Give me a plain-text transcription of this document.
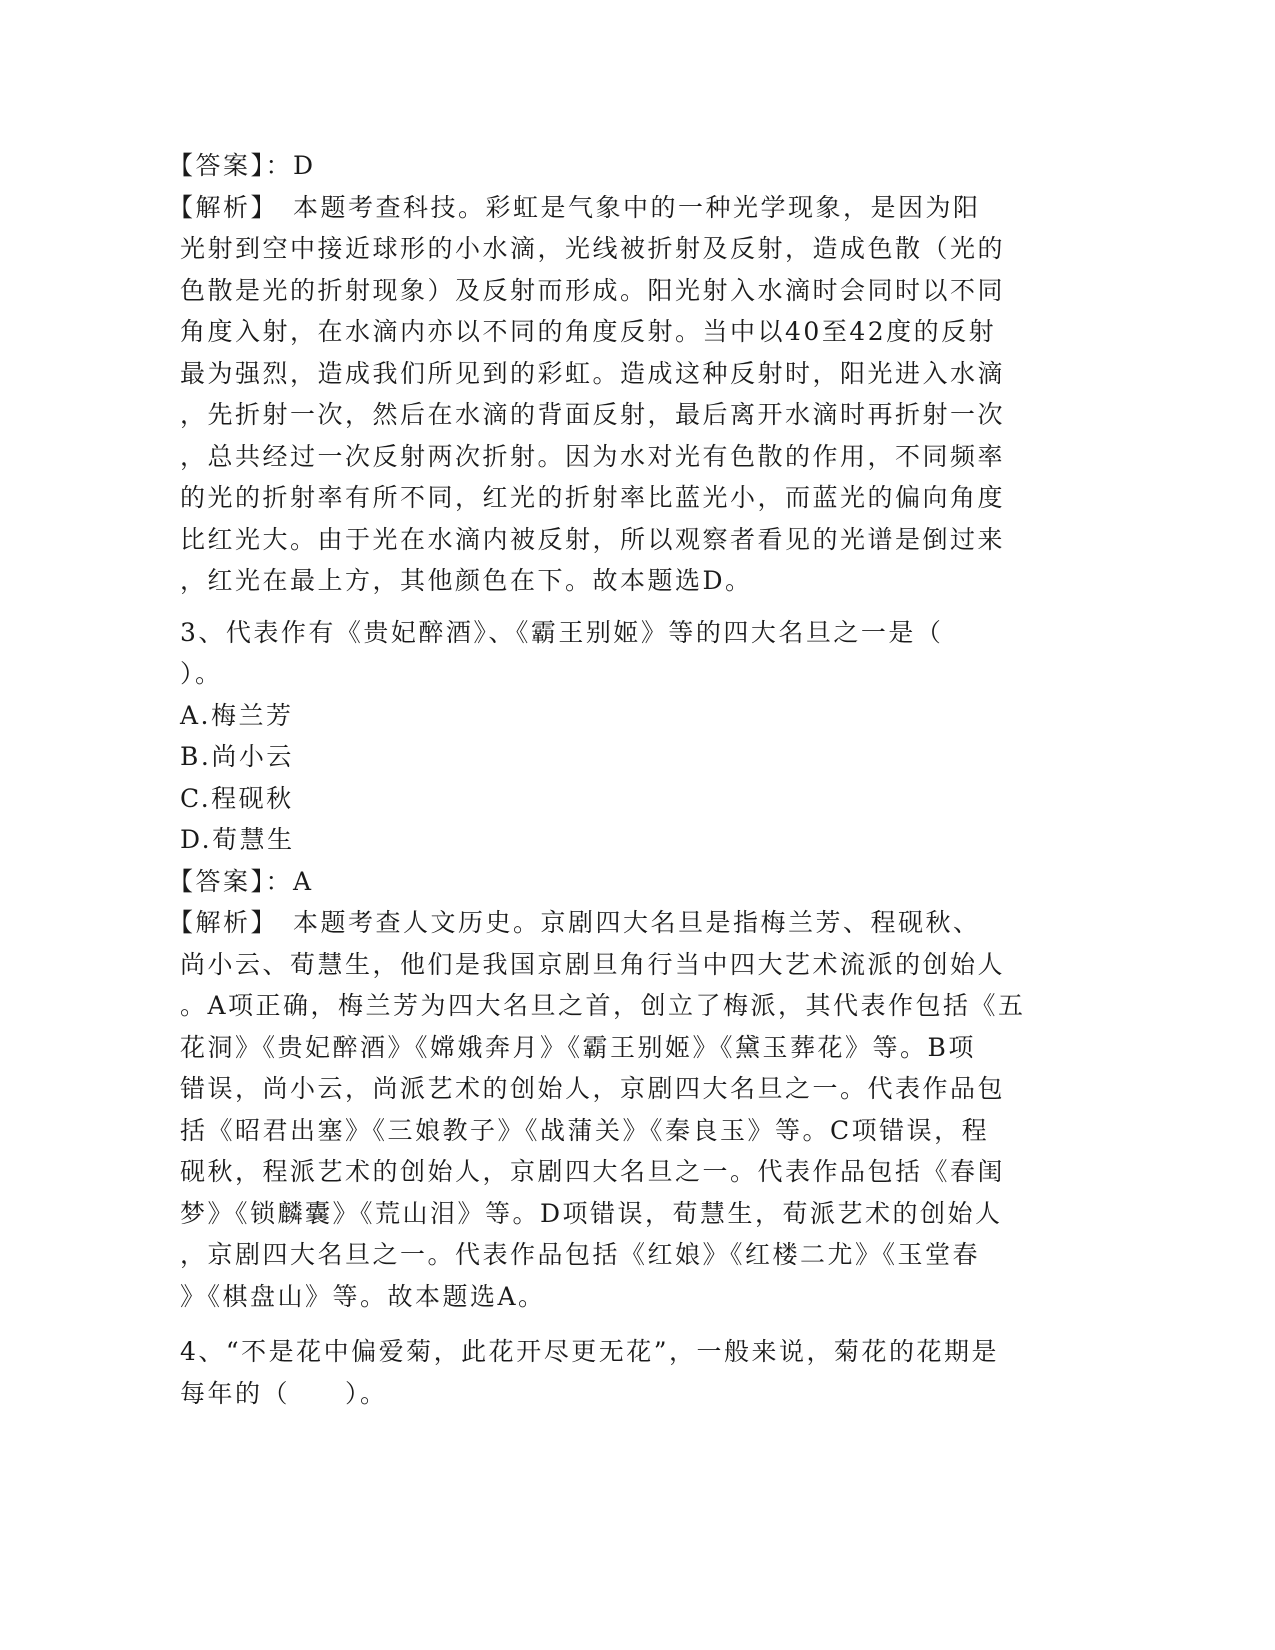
【答案】：D
【解析】　本题考查科技。彩虹是气象中的一种光学现象，是因为阳
光射到空中接近球形的小水滴，光线被折射及反射，造成色散（光的
色散是光的折射现象）及反射而形成。阳光射入水滴时会同时以不同
角度入射，在水滴内亦以不同的角度反射。当中以40至42度的反射
最为强烈，造成我们所见到的彩虹。造成这种反射时，阳光进入水滴
，先折射一次，然后在水滴的背面反射，最后离开水滴时再折射一次
，总共经过一次反射两次折射。因为水对光有色散的作用，不同频率
的光的折射率有所不同，红光的折射率比蓝光小，而蓝光的偏向角度
比红光大。由于光在水滴内被反射，所以观察者看见的光谱是倒过来
，红光在最上方，其他颜色在下。故本题选D。
3、代表作有《贵妃醉酒》、《霸王别姬》等的四大名旦之一是（
）。
A.梅兰芳
B.尚小云
C.程砚秋
D.荀慧生
【答案】：A
【解析】　本题考查人文历史。京剧四大名旦是指梅兰芳、程砚秋、
尚小云、荀慧生，他们是我国京剧旦角行当中四大艺术流派的创始人
。A项正确，梅兰芳为四大名旦之首，创立了梅派，其代表作包括《五
花洞》《贵妃醉酒》《嫦娥奔月》《霸王别姬》《黛玉葬花》等。B项
错误，尚小云，尚派艺术的创始人，京剧四大名旦之一。代表作品包
括《昭君出塞》《三娘教子》《战蒲关》《秦良玉》等。C项错误，程
砚秋，程派艺术的创始人，京剧四大名旦之一。代表作品包括《春闺
梦》《锁麟囊》《荒山泪》等。D项错误，荀慧生，荀派艺术的创始人
，京剧四大名旦之一。代表作品包括《红娘》《红楼二尤》《玉堂春
》《棋盘山》等。故本题选A。
4、“不是花中偏爱菊，此花开尽更无花”，一般来说，菊花的花期是
每年的（　　）。
